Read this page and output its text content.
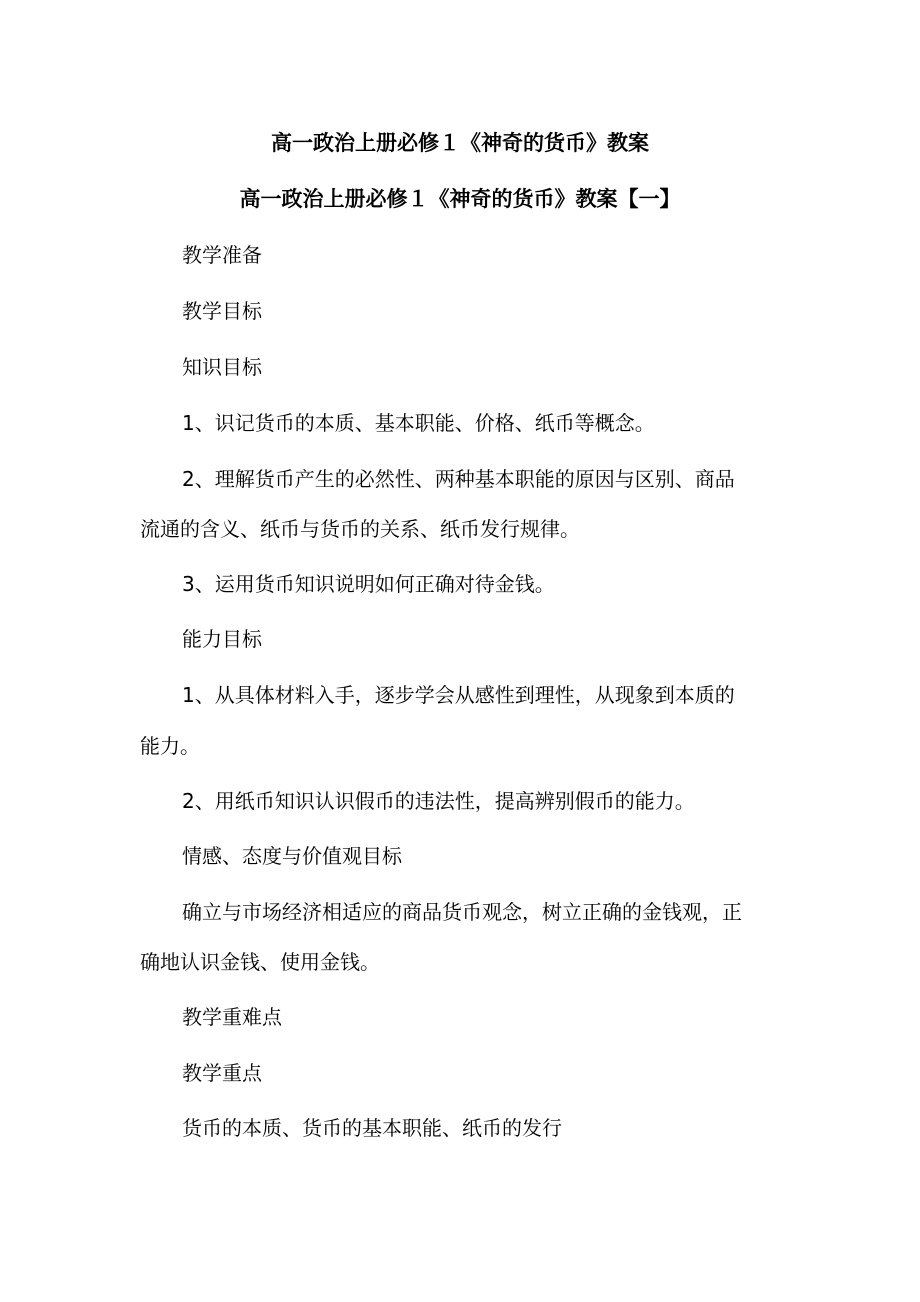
高一政治上册必修１《神奇的货币》教案
高一政治上册必修１《神奇的货币》教案【一】
教学准备
教学目标
知识目标
1、识记货币的本质、基本职能、价格、纸币等概念。
2、理解货币产生的必然性、两种基本职能的原因与区别、商品
流通的含义、纸币与货币的关系、纸币发行规律。
3、运用货币知识说明如何正确对待金钱。
能力目标
1、从具体材料入手，逐步学会从感性到理性，从现象到本质的
能力。
2、用纸币知识认识假币的违法性，提高辨别假币的能力。
情感、态度与价值观目标
确立与市场经济相适应的商品货币观念，树立正确的金钱观，正
确地认识金钱、使用金钱。
教学重难点
教学重点
货币的本质、货币的基本职能、纸币的发行
